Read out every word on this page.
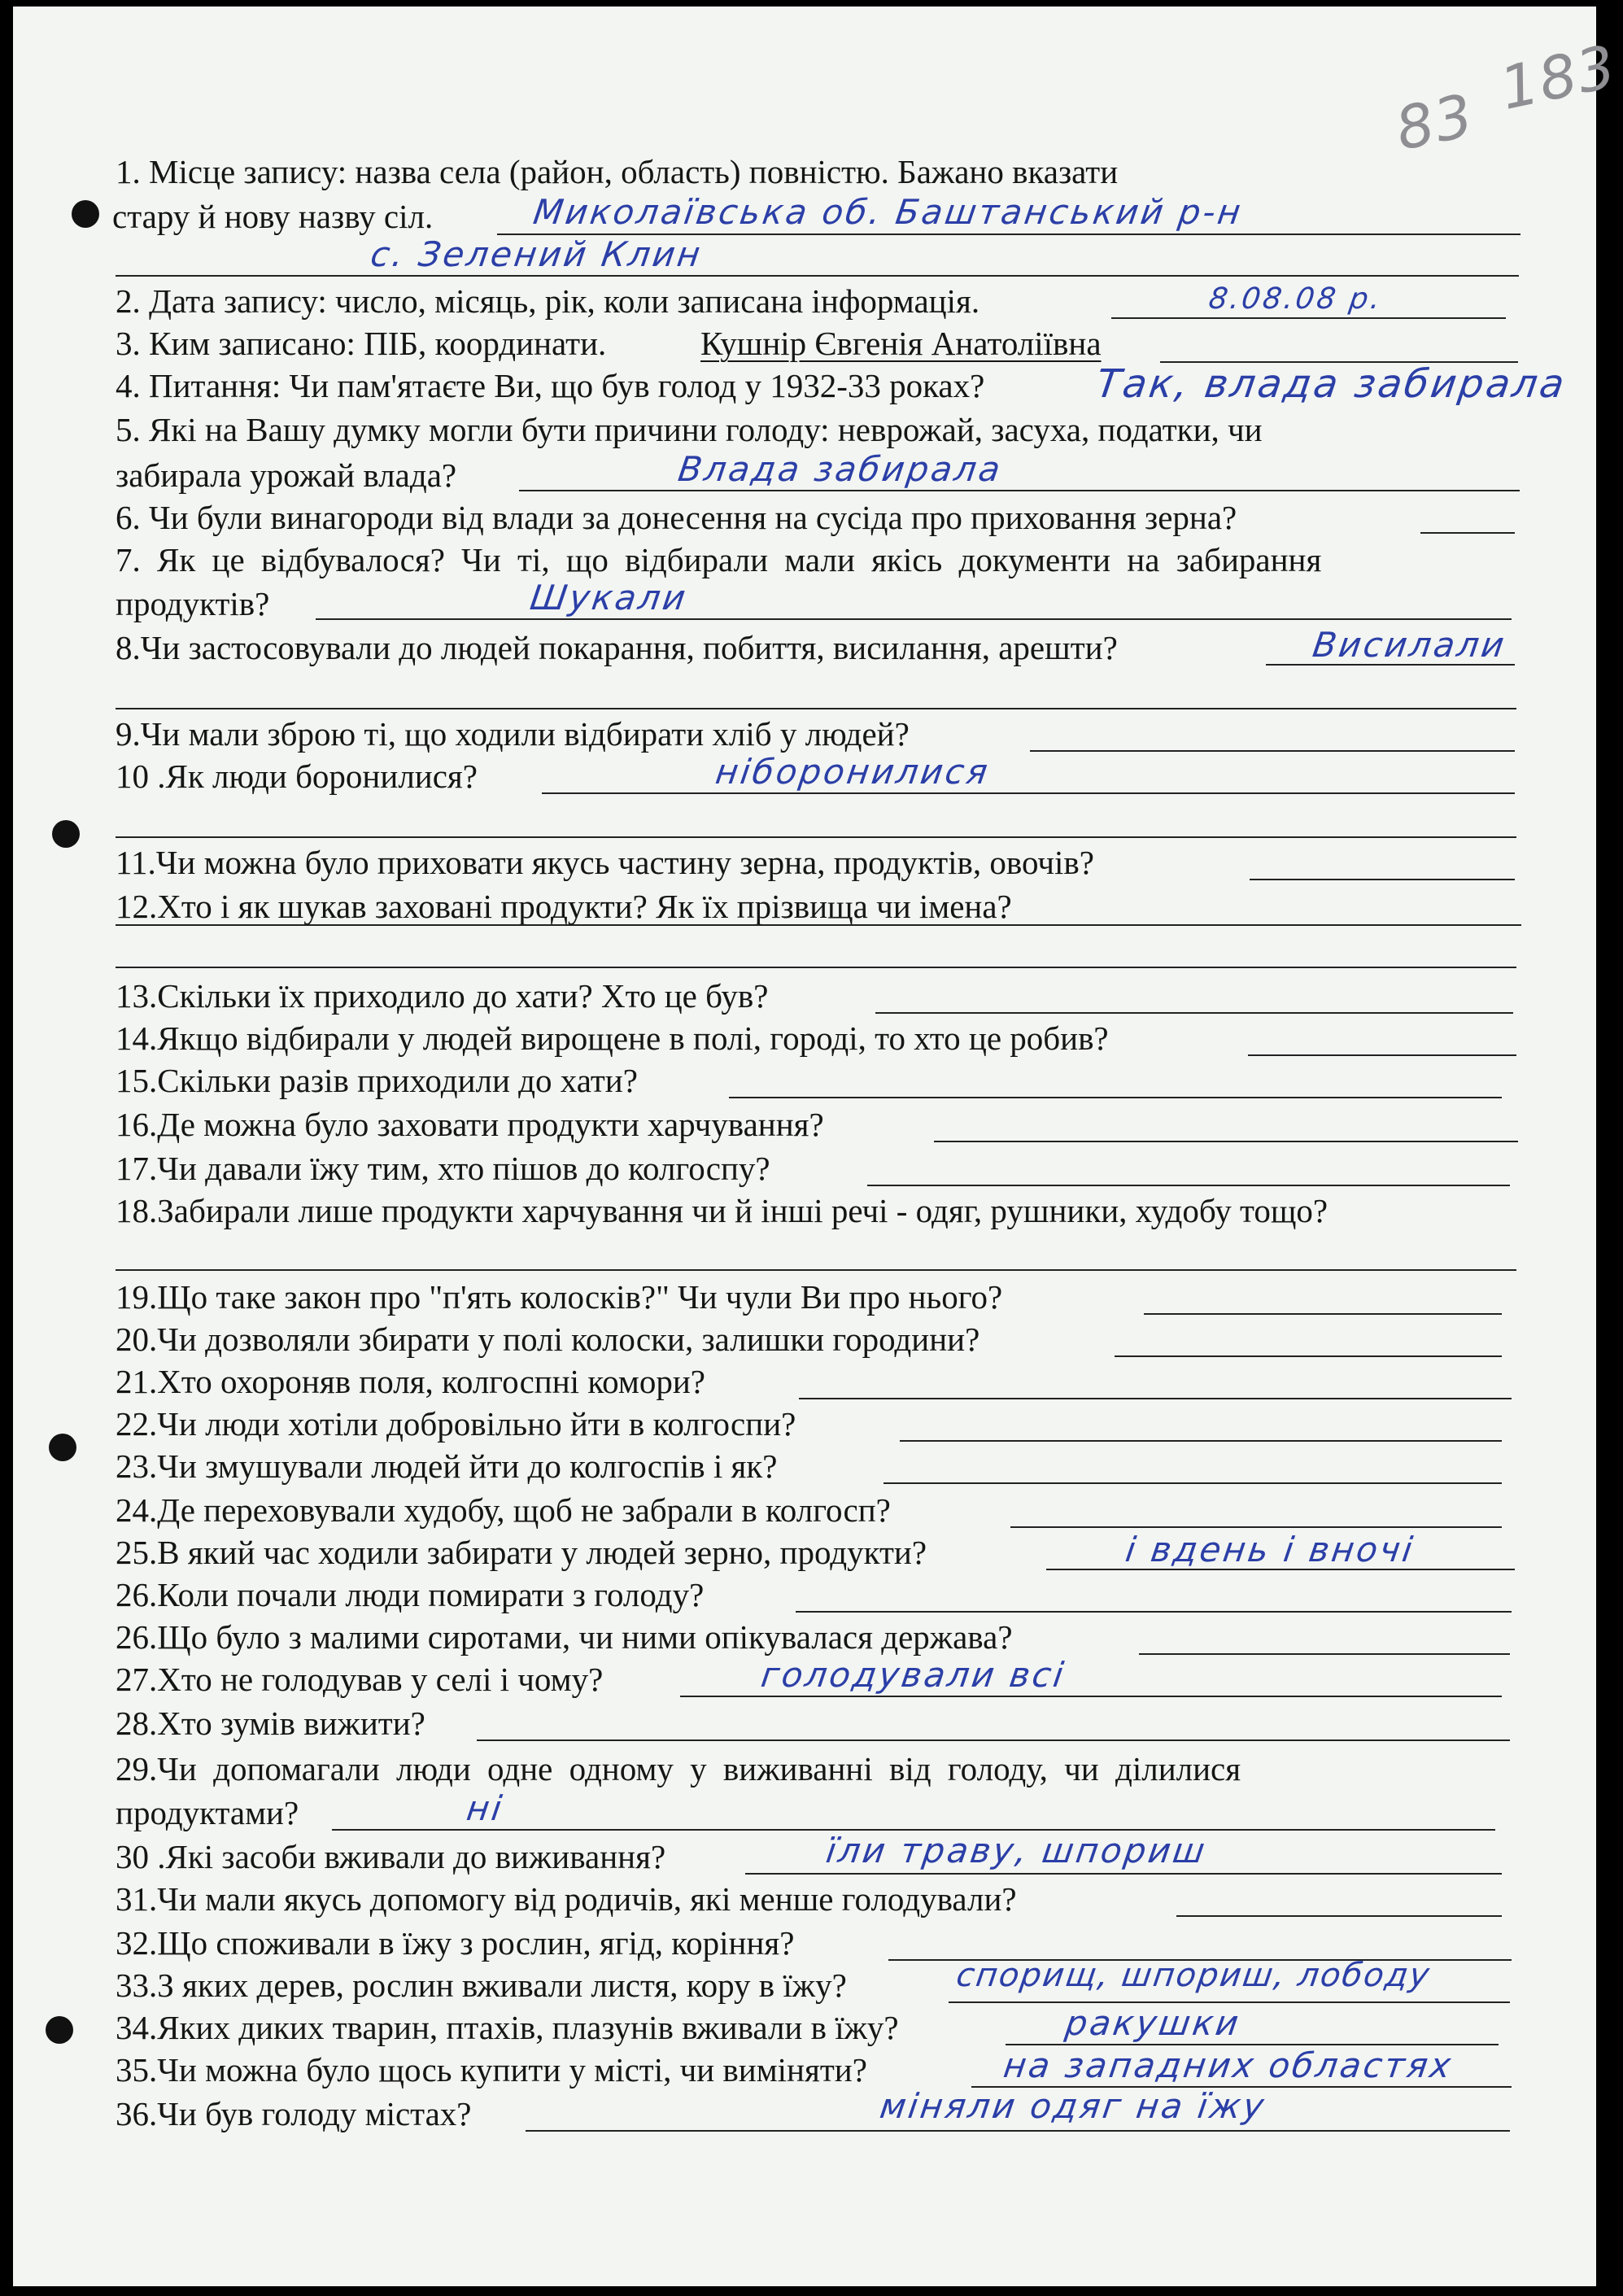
83 183
1. Місце запису: назва села (район, область) повністю. Бажано вказати
стару й нову назву сіл.	Миколаївська об. Баштанський р-н
с. Зелений Клин
2. Дата запису: число, місяць, рік, коли записана інформація.	8.08.08 р.
3. Ким записано: ПІБ, координати.	Кушнір Євгенія Анатоліївна
4. Питання: Чи пам'ятаєте Ви, що був голод у 1932-33 роках?	Так, влада забирала
5. Які на Вашу думку могли бути причини голоду: неврожай, засуха, податки, чи
забирала урожай влада?	Влада забирала
6. Чи були винагороди від влади за донесення на сусіда про приховання зерна?
7. Як це відбувалося? Чи ті, що відбирали мали якісь документи на забирання
продуктів?	Шукали
8.Чи застосовували до людей покарання, побиття, висилання, арешти?	Висилали
9.Чи мали зброю ті, що ходили відбирати хліб у людей?
10 .Як люди боронилися?	ніборонилися
11.Чи можна було приховати якусь частину зерна, продуктів, овочів?
12.Хто і як шукав заховані продукти? Як їх прізвища чи імена?
13.Скільки їх приходило до хати? Хто це був?
14.Якщо відбирали у людей вирощене в полі, городі, то хто це робив?
15.Скільки разів приходили до хати?
16.Де можна було заховати продукти харчування?
17.Чи давали їжу тим, хто пішов до колгоспу?
18.Забирали лише продукти харчування чи й інші речі - одяг, рушники, худобу тощо?
19.Що таке закон про "п'ять колосків?" Чи чули Ви про нього?
20.Чи дозволяли збирати у полі колоски, залишки городини?
21.Хто охороняв поля, колгоспні комори?
22.Чи люди хотіли добровільно йти в колгоспи?
23.Чи змушували людей йти до колгоспів і як?
24.Де переховували худобу, щоб не забрали в колгосп?
25.В який час ходили забирати у людей зерно, продукти?	і вдень і вночі
26.Коли почали люди помирати з голоду?
26.Що було з малими сиротами, чи ними опікувалася держава?
27.Хто не голодував у селі і чому?	голодували всі
28.Хто зумів вижити?
29.Чи допомагали люди одне одному у виживанні від голоду, чи ділилися
продуктами?	ні
30 .Які засоби вживали до виживання?	їли траву, шпориш
31.Чи мали якусь допомогу від родичів, які менше голодували?
32.Що споживали в їжу з рослин, ягід, коріння?
33.З яких дерев, рослин вживали листя, кору в їжу?	спорищ, шпориш, лободу
34.Яких диких тварин, птахів, плазунів вживали в їжу?	ракушки
35.Чи можна було щось купити у місті, чи виміняти?	на западних областях
36.Чи був голоду містах?	міняли одяг на їжу
